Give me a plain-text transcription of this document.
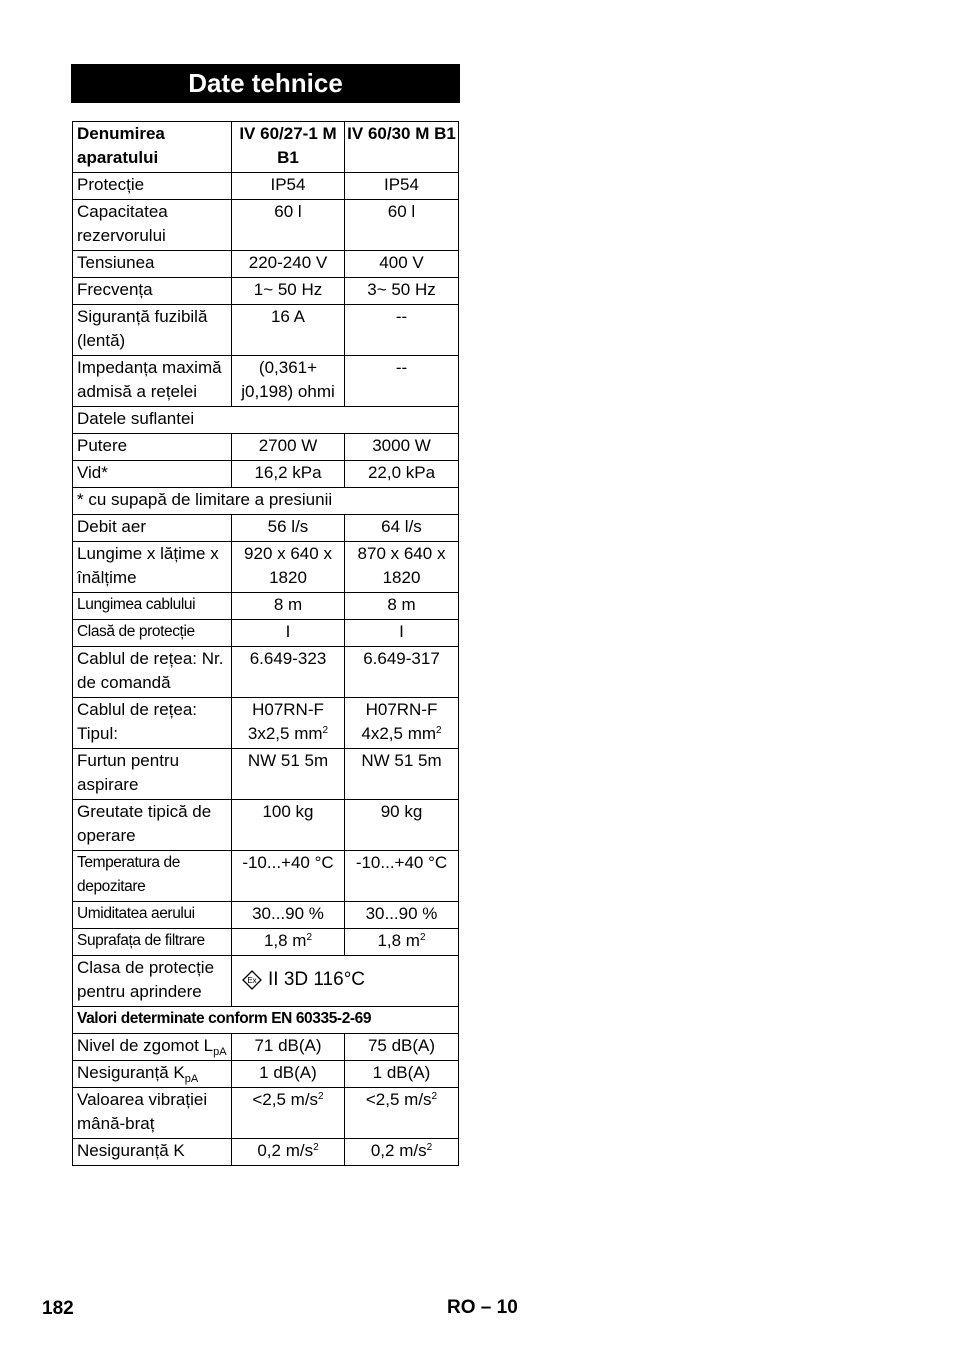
Date tehnice
Denumirea aparatului	IV 60/27-1 M B1	IV 60/30 M B1
Protecție	IP54	IP54
Capacitatea rezervorului	60 l	60 l
Tensiunea	220-240 V	400 V
Frecvența	1~ 50 Hz	3~ 50 Hz
Siguranță fuzibilă (lentă)	16 A	--
Impedanța maximă admisă a rețelei	(0,361+ j0,198) ohmi	--
Datele suflantei		
Putere	2700 W	3000 W
Vid*	16,2 kPa	22,0 kPa
* cu supapă de limitare a presiunii		
Debit aer	56 l/s	64 l/s
Lungime x lățime x înălțime	920 x 640 x 1820	870 x 640 x 1820
Lungimea cablului	8 m	8 m
Clasă de protecție	I	I
Cablul de rețea: Nr. de comandă	6.649-323	6.649-317
Cablul de rețea: Tipul:	H07RN-F 3x2,5 $mm^2$	H07RN-F 4x2,5 $mm^2$
Furtun pentru aspirare	NW 51 5m	NW 51 5m
Greutate tipică de operare	100 kg	90 kg
Temperatura de depozitare	-10...+40 °C	-10...+40 °C
Umiditatea aerului	30...90 %	30...90 %
Suprafața de filtrare	1,8 $m^2$	1,8 $m^2$
Clasa de protecție pentru aprindere	Ex II 3D 116°C	

Valori determinate conform EN 60335-2-69		
Nivel de zgomot $L_{pA}$	71 dB(A)	75 dB(A)
Nesiguranță $K_{pA}$	1 dB(A)	1 dB(A)
Valoarea vibrației mână-braț	<2,5 $m/s^2$	<2,5 $m/s^2$
Nesiguranță K	0,2 $m/s^2$	0,2 $m/s^2$
182	RO – 10
